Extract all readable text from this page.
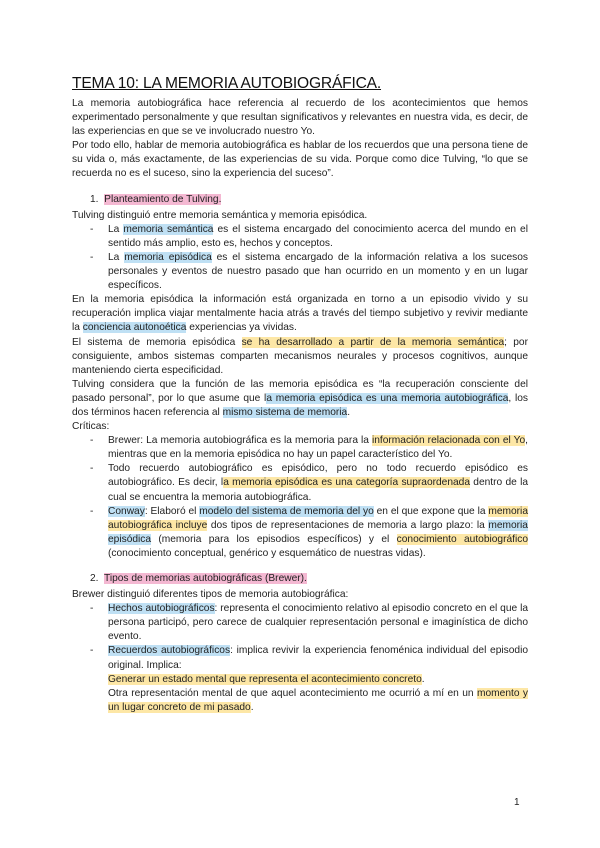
TEMA 10: LA MEMORIA AUTOBIOGRÁFICA.

La memoria autobiográfica hace referencia al recuerdo de los acontecimientos que hemos experimentado personalmente y que resultan significativos y relevantes en nuestra vida, es decir, de las experiencias en que se ve involucrado nuestro Yo.

Por todo ello, hablar de memoria autobiográfica es hablar de los recuerdos que una persona tiene de su vida o, más exactamente, de las experiencias de su vida. Porque como dice Tulving, “lo que se recuerda no es el suceso, sino la experiencia del suceso”.

1. Planteamiento de Tulving.

Tulving distinguió entre memoria semántica y memoria episódica.

- La memoria semántica es el sistema encargado del conocimiento acerca del mundo en el sentido más amplio, esto es, hechos y conceptos.
- La memoria episódica es el sistema encargado de la información relativa a los sucesos personales y eventos de nuestro pasado que han ocurrido en un momento y en un lugar específicos.

En la memoria episódica la información está organizada en torno a un episodio vivido y su recuperación implica viajar mentalmente hacia atrás a través del tiempo subjetivo y revivir mediante la conciencia autonoética experiencias ya vividas.

El sistema de memoria episódica se ha desarrollado a partir de la memoria semántica; por consiguiente, ambos sistemas comparten mecanismos neurales y procesos cognitivos, aunque manteniendo cierta especificidad.

Tulving considera que la función de las memoria episódica es “la recuperación consciente del pasado personal”, por lo que asume que la memoria episódica es una memoria autobiográfica, los dos términos hacen referencia al mismo sistema de memoria.

Críticas:

- Brewer: La memoria autobiográfica es la memoria para la información relacionada con el Yo, mientras que en la memoria episódica no hay un papel característico del Yo.
- Todo recuerdo autobiográfico es episódico, pero no todo recuerdo episódico es autobiográfico. Es decir, la memoria episódica es una categoría supraordenada dentro de la cual se encuentra la memoria autobiográfica.
- Conway: Elaboró el modelo del sistema de memoria del yo en el que expone que la memoria autobiográfica incluye dos tipos de representaciones de memoria a largo plazo: la memoria episódica (memoria para los episodios específicos) y el conocimiento autobiográfico (conocimiento conceptual, genérico y esquemático de nuestras vidas).
2. Tipos de memorias autobiográficas (Brewer).

Brewer distinguió diferentes tipos de memoria autobiográfica:

- Hechos autobiográficos: representa el conocimiento relativo al episodio concreto en el que la persona participó, pero carece de cualquier representación personal e imaginística de dicho evento.
- Recuerdos autobiográficos: implica revivir la experiencia fenoménica individual del episodio original. Implica:
Generar un estado mental que representa el acontecimiento concreto.
Otra representación mental de que aquel acontecimiento me ocurrió a mí en un momento y un lugar concreto de mi pasado.
1
